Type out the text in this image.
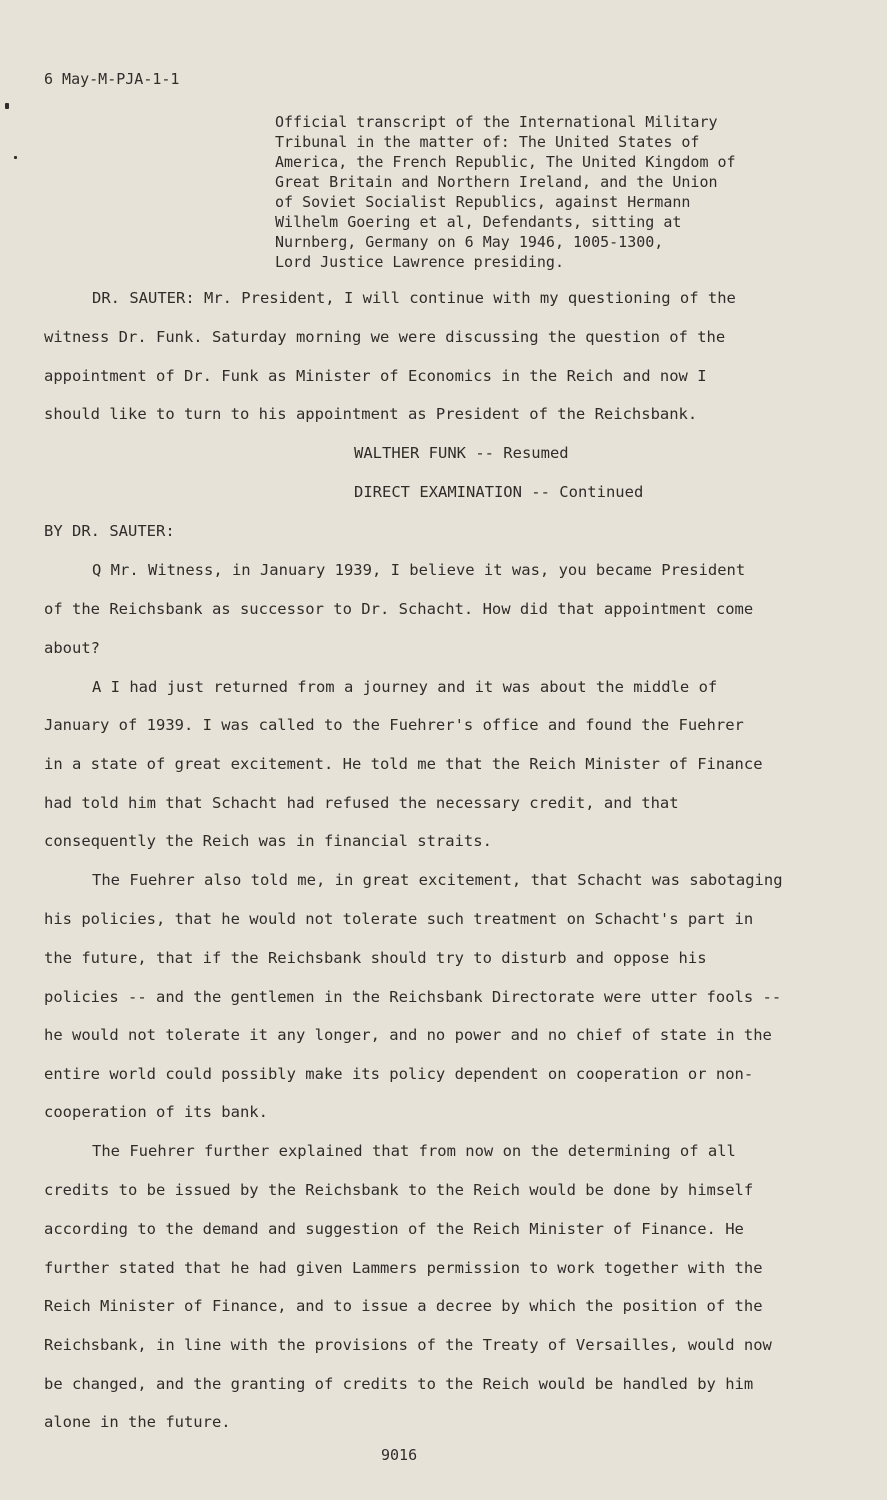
6 May-M-PJA-1-1
Official transcript of the International Military
Tribunal in the matter of: The United States of
America, the French Republic, The United Kingdom of
Great Britain and Northern Ireland, and the Union
of Soviet Socialist Republics, against Hermann
Wilhelm Goering et al, Defendants, sitting at
Nurnberg, Germany on 6 May 1946, 1005-1300,
Lord Justice Lawrence presiding.
DR. SAUTER: Mr. President, I will continue with my questioning of the
witness Dr. Funk. Saturday morning we were discussing the question of the
appointment of Dr. Funk as Minister of Economics in the Reich and now I
should like to turn to his appointment as President of the Reichsbank.
WALTHER FUNK -- Resumed
DIRECT EXAMINATION -- Continued
BY DR. SAUTER:
Q Mr. Witness, in January 1939, I believe it was, you became President
of the Reichsbank as successor to Dr. Schacht. How did that appointment come
about?
A I had just returned from a journey and it was about the middle of
January of 1939. I was called to the Fuehrer's office and found the Fuehrer
in a state of great excitement. He told me that the Reich Minister of Finance
had told him that Schacht had refused the necessary credit, and that
consequently the Reich was in financial straits.
The Fuehrer also told me, in great excitement, that Schacht was sabotaging
his policies, that he would not tolerate such treatment on Schacht's part in
the future, that if the Reichsbank should try to disturb and oppose his
policies -- and the gentlemen in the Reichsbank Directorate were utter fools --
he would not tolerate it any longer, and no power and no chief of state in the
entire world could possibly make its policy dependent on cooperation or non-
cooperation of its bank.
The Fuehrer further explained that from now on the determining of all
credits to be issued by the Reichsbank to the Reich would be done by himself
according to the demand and suggestion of the Reich Minister of Finance. He
further stated that he had given Lammers permission to work together with the
Reich Minister of Finance, and to issue a decree by which the position of the
Reichsbank, in line with the provisions of the Treaty of Versailles, would now
be changed, and the granting of credits to the Reich would be handled by him
alone in the future.
9016
